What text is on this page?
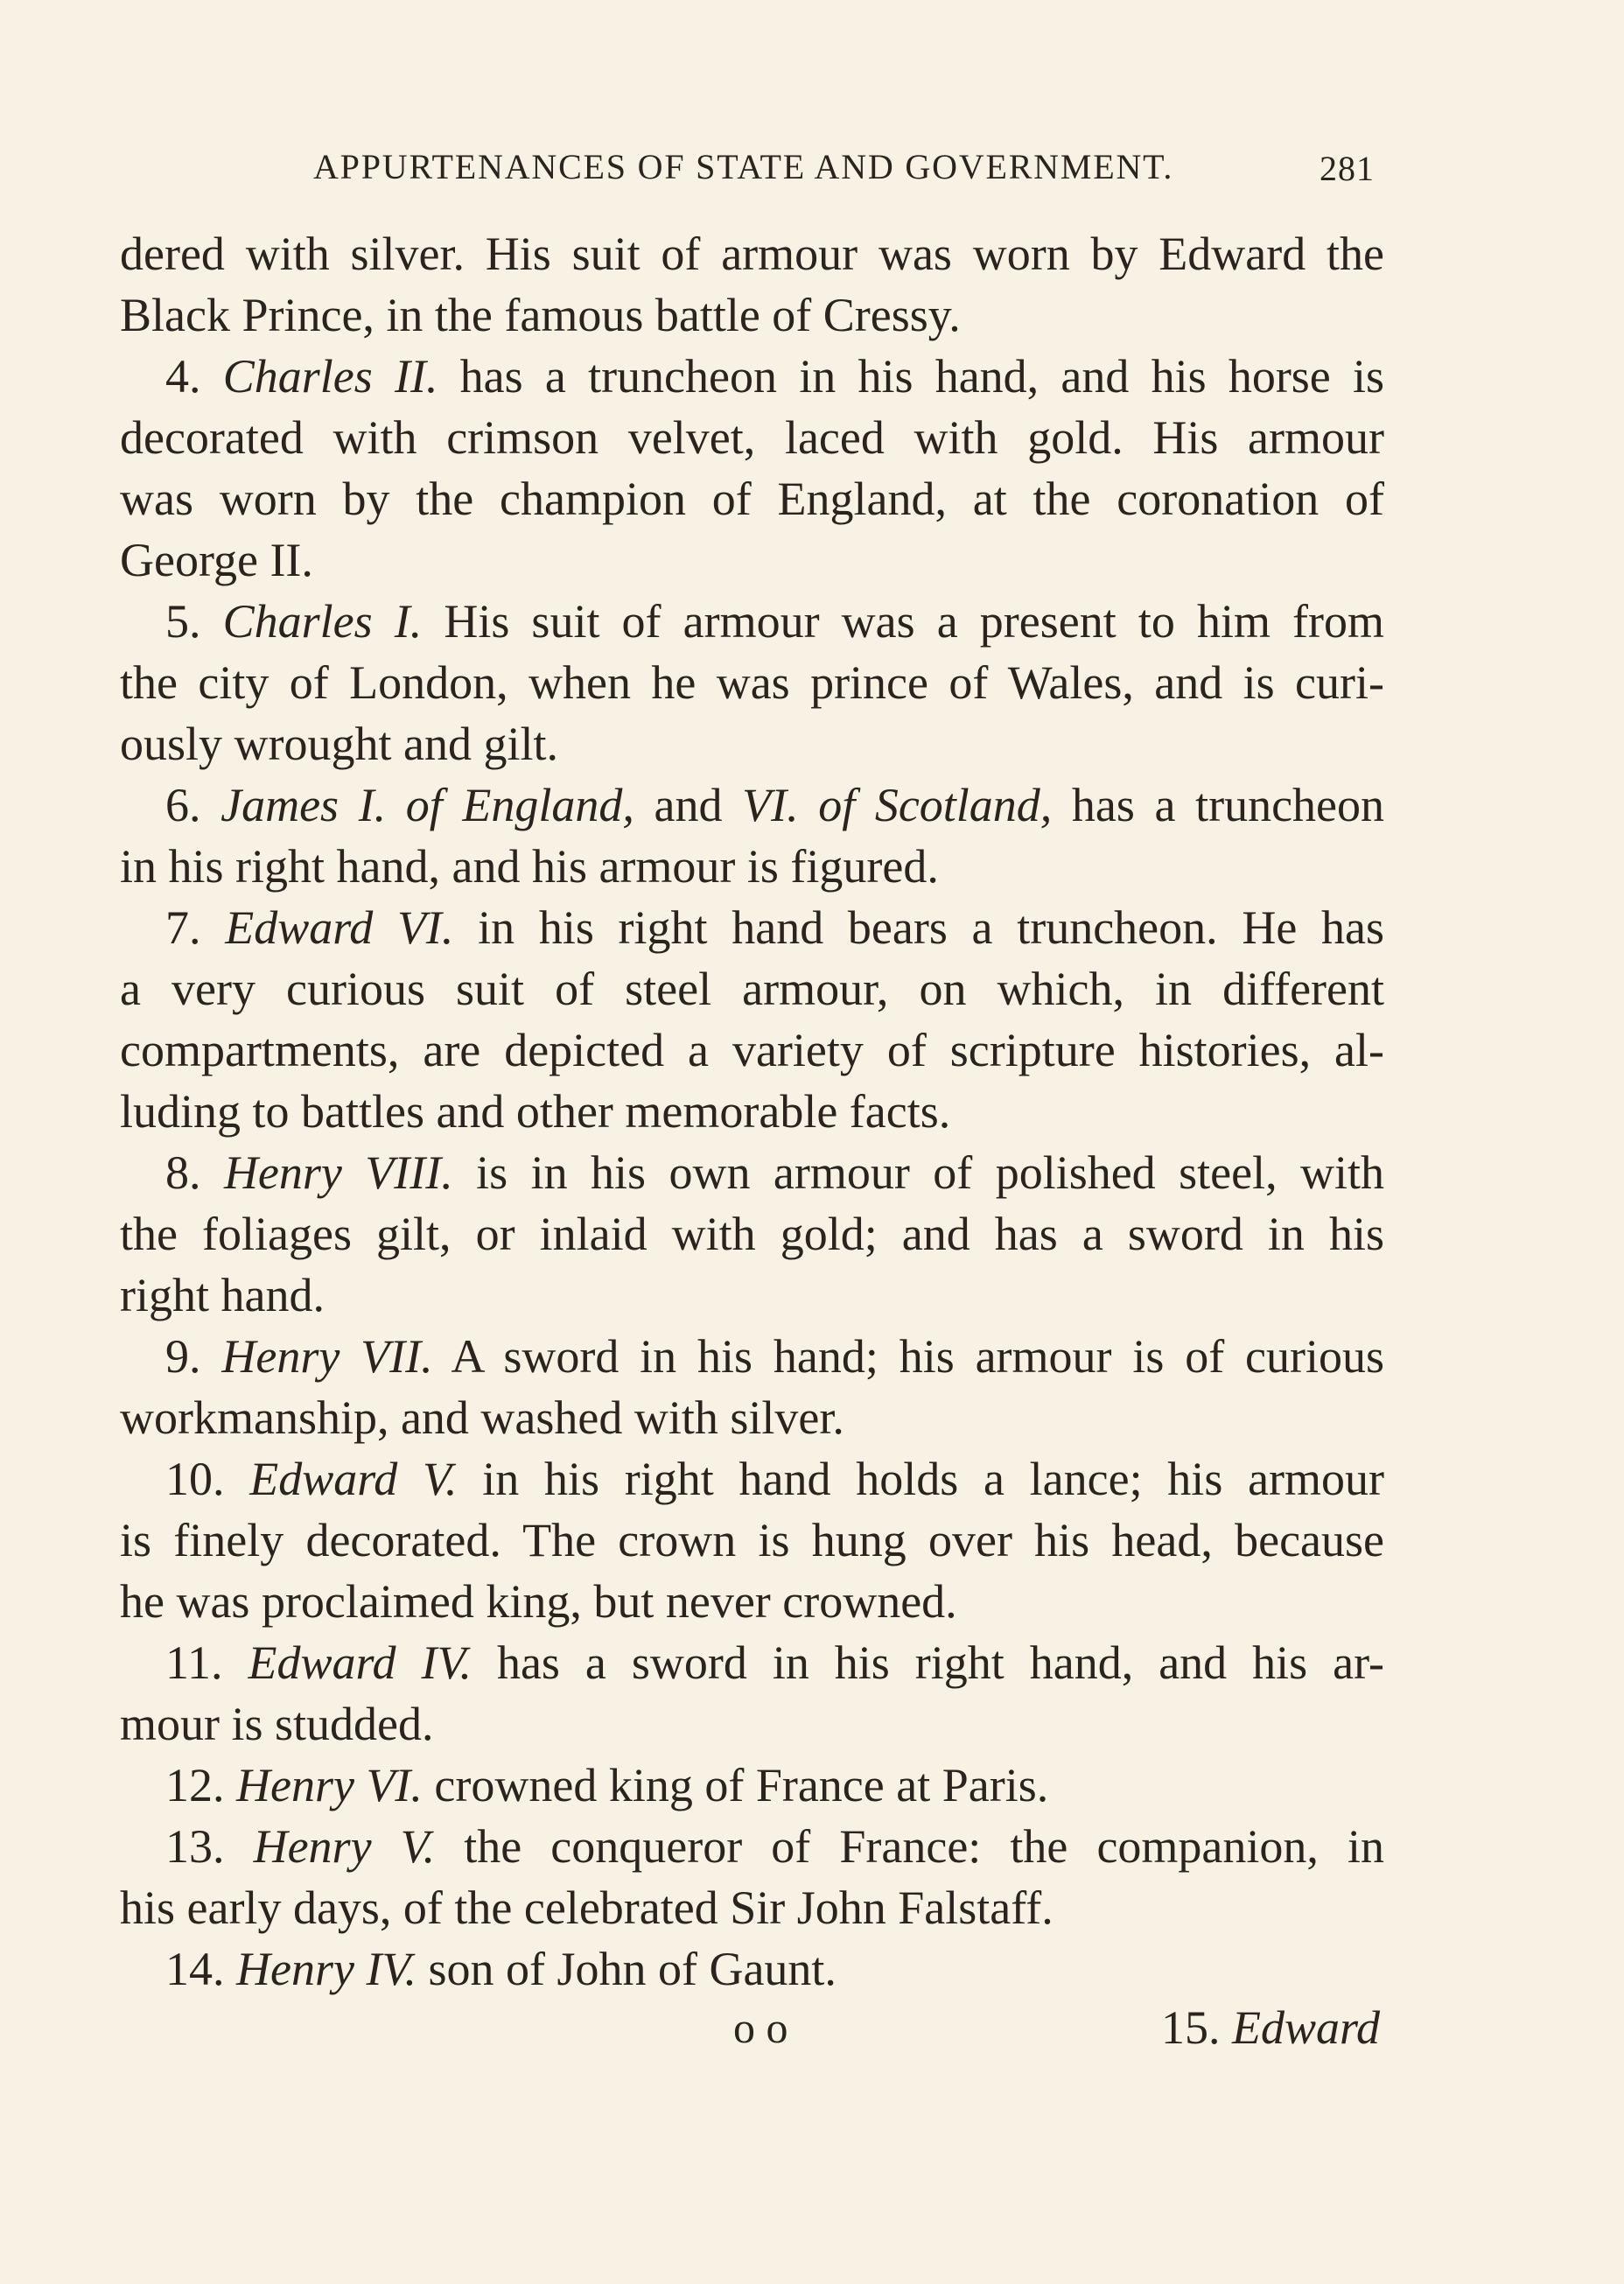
APPURTENANCES OF STATE AND GOVERNMENT.	281
dered with silver. His suit of armour was worn by Edward the
Black Prince, in the famous battle of Cressy.
4. Charles II. has a truncheon in his hand, and his horse is
decorated with crimson velvet, laced with gold. His armour
was worn by the champion of England, at the coronation of
George II.
5. Charles I. His suit of armour was a present to him from
the city of London, when he was prince of Wales, and is curi-
ously wrought and gilt.
6. James I. of England, and VI. of Scotland, has a truncheon
in his right hand, and his armour is figured.
7. Edward VI. in his right hand bears a truncheon. He has
a very curious suit of steel armour, on which, in different
compartments, are depicted a variety of scripture histories, al-
luding to battles and other memorable facts.
8. Henry VIII. is in his own armour of polished steel, with
the foliages gilt, or inlaid with gold; and has a sword in his
right hand.
9. Henry VII. A sword in his hand; his armour is of curious
workmanship, and washed with silver.
10. Edward V. in his right hand holds a lance; his armour
is finely decorated. The crown is hung over his head, because
he was proclaimed king, but never crowned.
11. Edward IV. has a sword in his right hand, and his ar-
mour is studded.
12. Henry VI. crowned king of France at Paris.
13. Henry V. the conqueror of France: the companion, in
his early days, of the celebrated Sir John Falstaff.
14. Henry IV. son of John of Gaunt.
o o	15. Edward
